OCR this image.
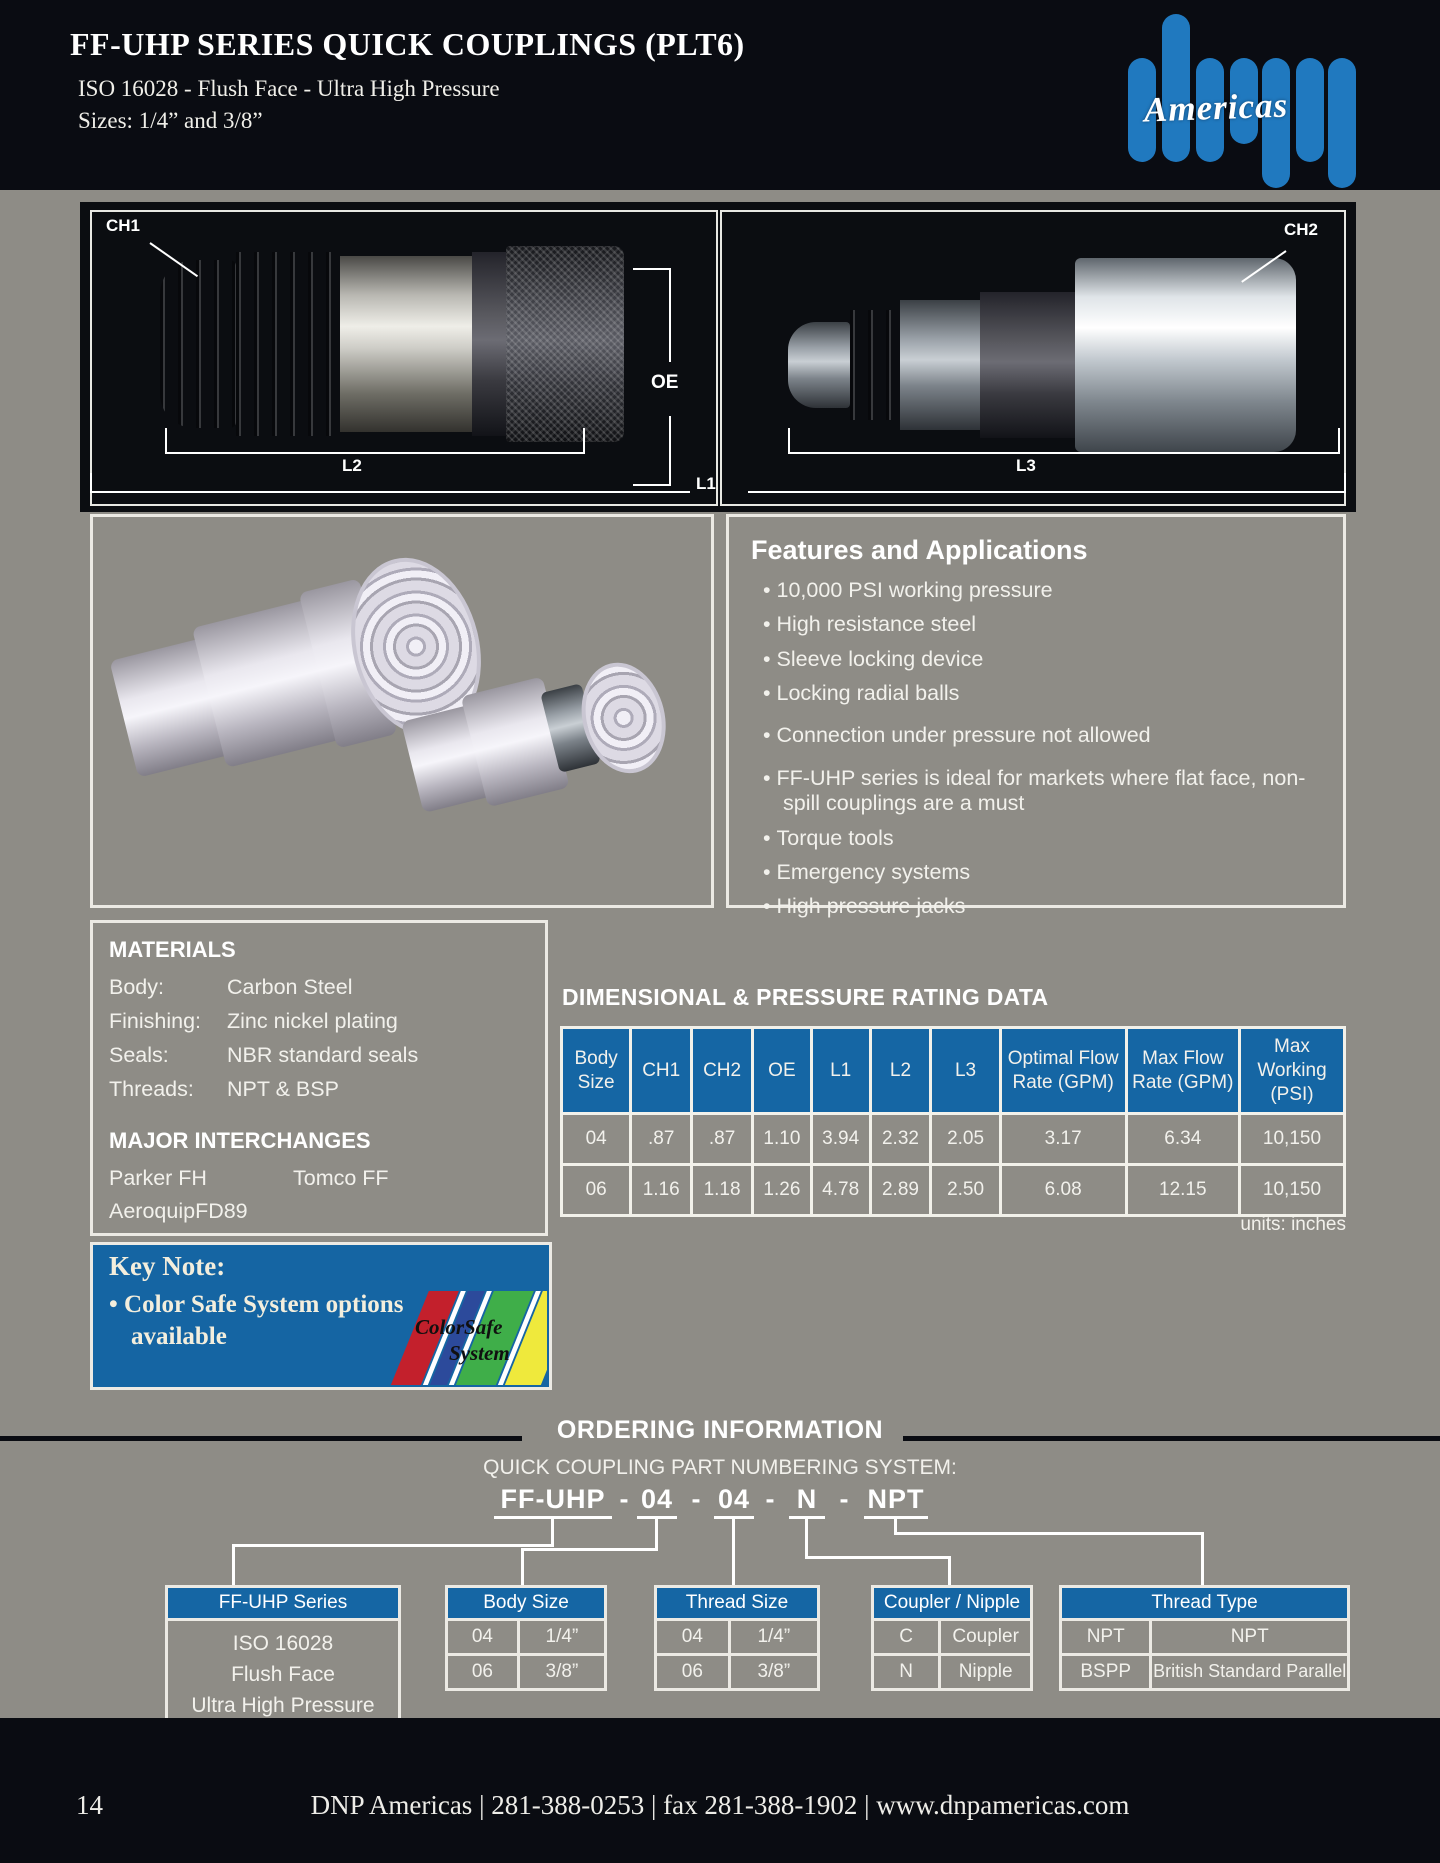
FF-UHP SERIES QUICK COUPLINGS (PLT6)
ISO 16028 - Flush Face - Ultra High Pressure
Sizes: 1/4” and 3/8”	Americas
CH1	CH2
OE
L2	L3
L1
Features and Applications
• 10,000 PSI working pressure
• High resistance steel
• Sleeve locking device
• Locking radial balls
• Connection under pressure not allowed
• FF-UHP series is ideal for markets where flat face, non-spill couplings are a must
• Torque tools
• Emergency systems
• High pressure jacks
MATERIALS
Body:	Carbon Steel
Finishing:	Zinc nickel plating
Seals:	NBR standard seals
Threads:	NPT & BSP
MAJOR INTERCHANGES
Parker FH	Tomco FF
AeroquipFD89
Key Note:
• Color Safe System options available	ColorSafe
System
DIMENSIONAL & PRESSURE RATING DATA
Body Size	CH1	CH2	OE	L1	L2	L3	Optimal Flow Rate (GPM)	Max Flow Rate (GPM)	Max Working (PSI)
04	.87	.87	1.10	3.94	2.32	2.05	3.17	6.34	10,150
06	1.16	1.18	1.26	4.78	2.89	2.50	6.08	12.15	10,150
units: inches
ORDERING INFORMATION
QUICK COUPLING PART NUMBERING SYSTEM:
FF-UHP - 04 - 04 - N - NPT
FF-UHP Series
ISO 16028
Flush Face
Ultra High Pressure
Body Size
04	1/4”
06	3/8”
Thread Size
04	1/4”
06	3/8”
Coupler / Nipple
C	Coupler
N	Nipple
Thread Type
NPT	NPT
BSPP	British Standard Parallel
14	DNP Americas | 281-388-0253 | fax 281-388-1902 | www.dnpamericas.com
